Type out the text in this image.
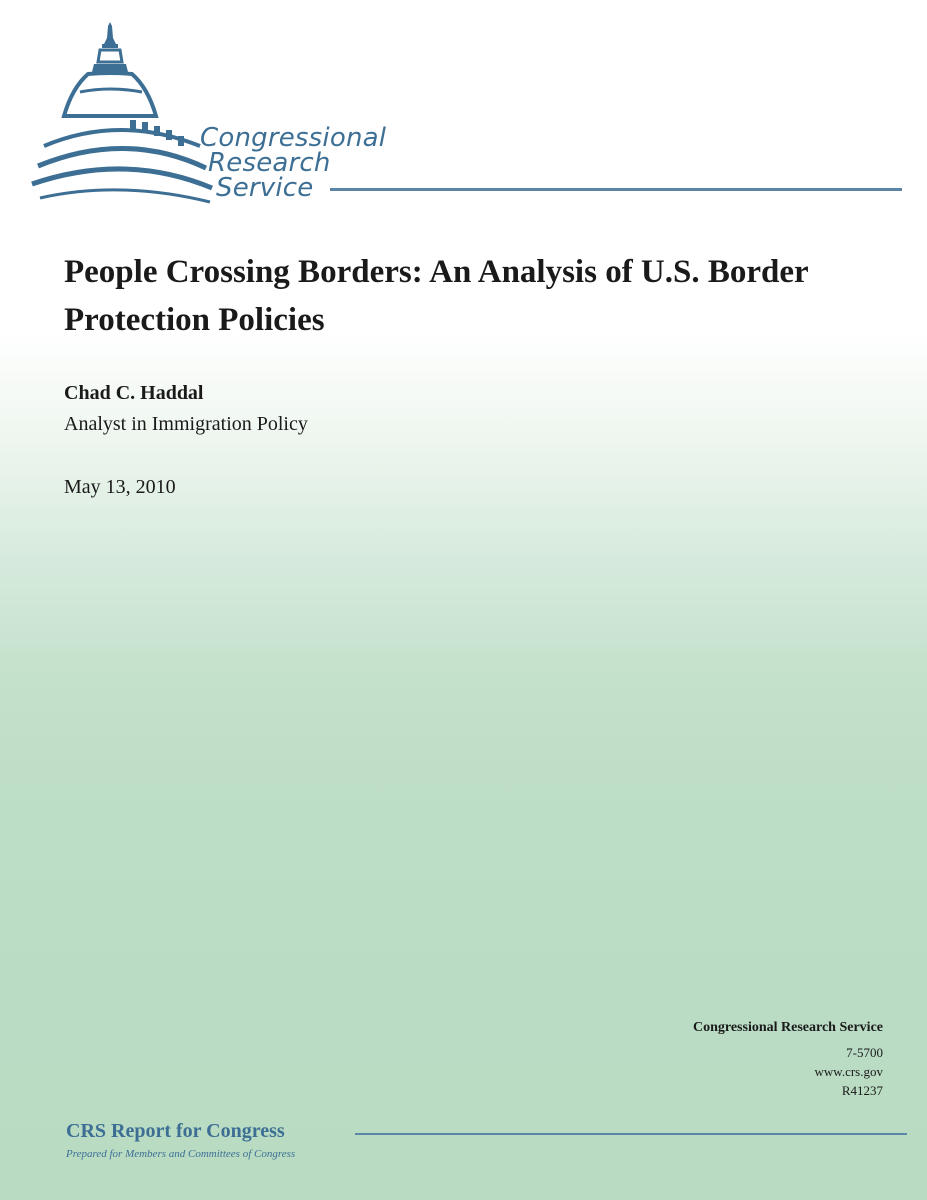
Congressional
Research
Service
People Crossing Borders: An Analysis of U.S. Border Protection Policies
Chad C. Haddal
Analyst in Immigration Policy
May 13, 2010
Congressional Research Service
7-5700
www.crs.gov
R41237
CRS Report for Congress
Prepared for Members and Committees of Congress
